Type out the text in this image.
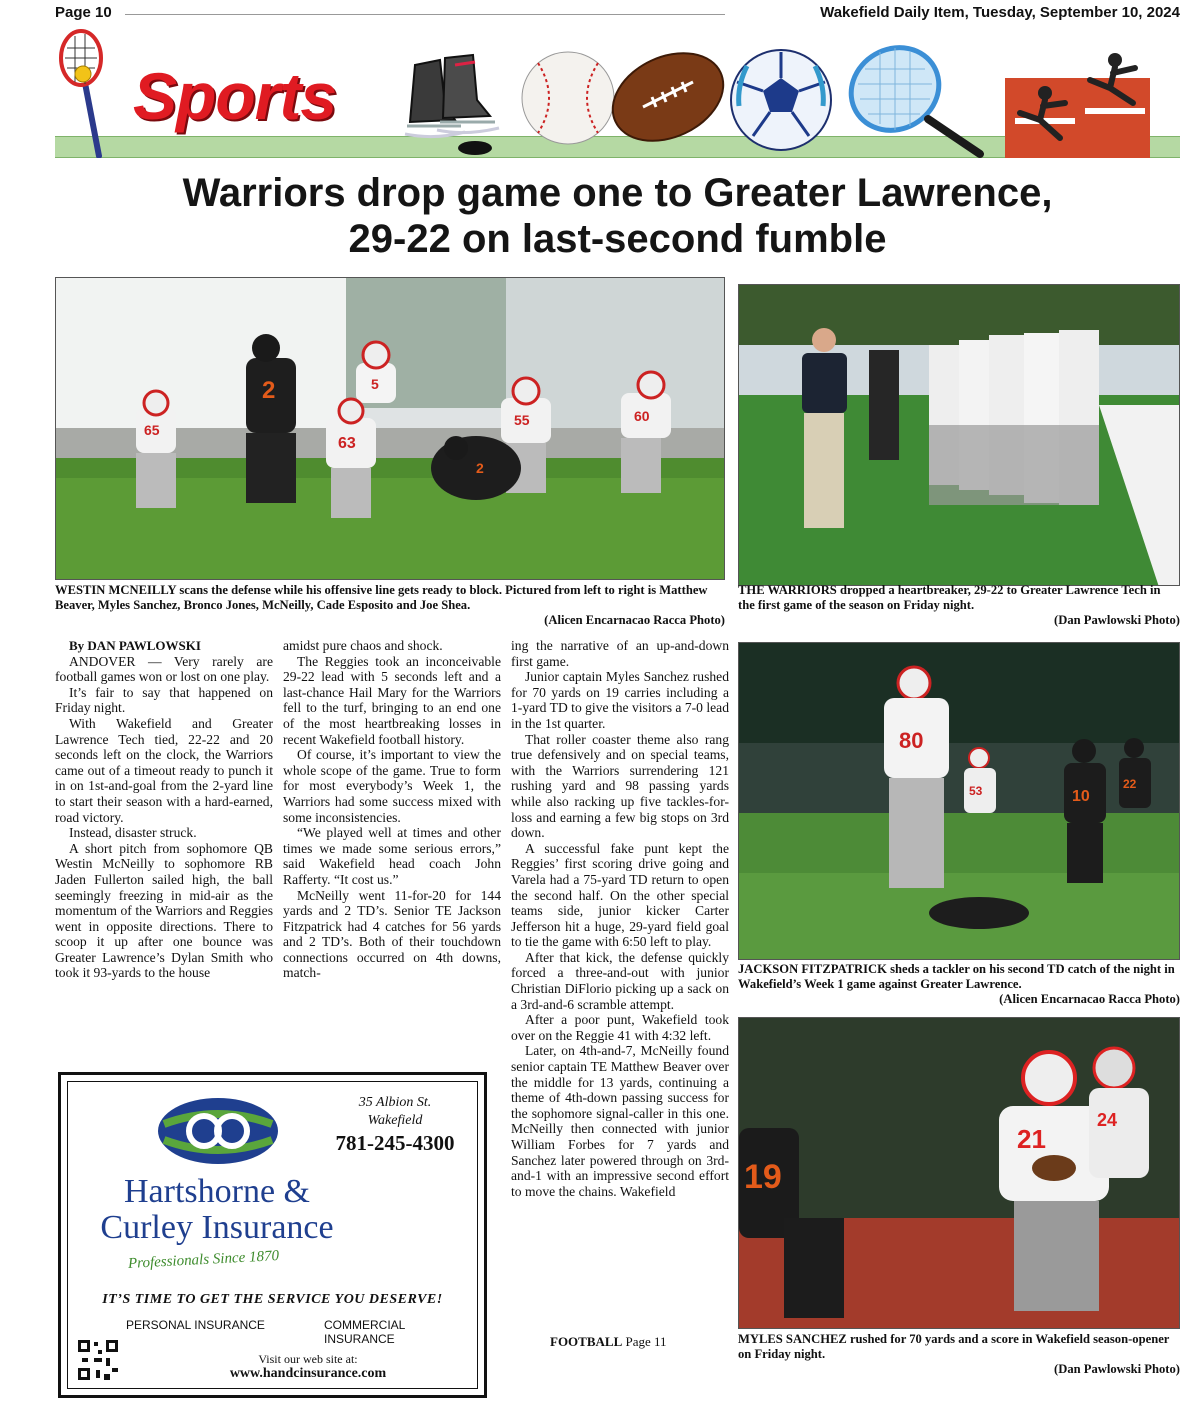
Page 10	Wakefield Daily Item, Tuesday, September 10, 2024
Sports
Warriors drop game one to Greater Lawrence,
29-22 on last-second fumble
65
2	5
63
55	60
2
WESTIN MCNEILLY scans the defense while his offensive line gets ready to block. Pictured from left to right is Matthew Beaver, Myles Sanchez, Bronco Jones, McNeilly, Cade Esposito and Joe Shea.
(Alicen Encarnacao Racca Photo)
THE WARRIORS dropped a heartbreaker, 29-22 to Greater Lawrence Tech in the first game of the season on Friday night.
(Dan Pawlowski Photo)
80
10
53	22
JACKSON FITZPATRICK sheds a tackler on his second TD catch of the night in Wakefield’s Week 1 game against Greater Lawrence.
(Alicen Encarnacao Racca Photo)
21
24
19
MYLES SANCHEZ rushed for 70 yards and a score in Wakefield season-opener on Friday night.
(Dan Pawlowski Photo)

By DAN PAWLOWSKI

ANDOVER — Very rarely are football games won or lost on one play.

It’s fair to say that happened on Friday night.

With Wakefield and Greater Lawrence Tech tied, 22-22 and 20 seconds left on the clock, the Warriors came out of a timeout ready to punch it in on 1st-and-goal from the 2-yard line to start their season with a hard-earned, road victory.

Instead, disaster struck.

A short pitch from sophomore QB Westin McNeilly to sophomore RB Jaden Fullerton sailed high, the ball seemingly freezing in mid-air as the momentum of the Warriors and Reggies went in opposite directions. There to scoop it up after one bounce was Greater Lawrence’s Dylan Smith who took it 93-yards to the house

amidst pure chaos and shock.

The Reggies took an inconceivable 29-22 lead with 5 seconds left and a last-chance Hail Mary for the Warriors fell to the turf, bringing to an end one of the most heartbreaking losses in recent Wakefield football history.

Of course, it’s important to view the whole scope of the game. True to form for most everybody’s Week 1, the Warriors had some success mixed with some inconsistencies.

“We played well at times and other times we made some serious errors,” said Wakefield head coach John Rafferty. “It cost us.”

McNeilly went 11-for-20 for 144 yards and 2 TD’s. Senior TE Jackson Fitzpatrick had 4 catches for 56 yards and 2 TD’s. Both of their touchdown connections occurred on 4th downs, match-

ing the narrative of an up-and-down first game.

Junior captain Myles Sanchez rushed for 70 yards on 19 carries including a 1-yard TD to give the visitors a 7-0 lead in the 1st quarter.

That roller coaster theme also rang true defensively and on special teams, with the Warriors surrendering 121 rushing yard and 98 passing yards while also racking up five tackles-for-loss and earning a few big stops on 3rd down.

A successful fake punt kept the Reggies’ first scoring drive going and Varela had a 75-yard TD return to open the second half. On the other special teams side, junior kicker Carter Jefferson hit a huge, 29-yard field goal to tie the game with 6:50 left to play.

After that kick, the defense quickly forced a three-and-out with junior Christian DiFlorio picking up a sack on a 3rd-and-6 scramble attempt.

After a poor punt, Wakefield took over on the Reggie 41 with 4:32 left.

Later, on 4th-and-7, McNeilly found senior captain TE Matthew Beaver over the middle for 13 yards, continuing a theme of 4th-down passing success for the sophomore signal-caller in this one. McNeilly then connected with junior William Forbes for 7 yards and Sanchez later powered through on 3rd-and-1 with an impressive second effort to move the chains. Wakefield

FOOTBALL Page 11
35 Albion St.
Wakefield
781-245-4300
Hartshorne &
Curley Insurance
Professionals Since 1870
IT’S TIME TO GET THE SERVICE YOU DESERVE!
PERSONAL INSURANCE	COMMERCIAL INSURANCE
Visit our web site at:
www.handcinsurance.com
